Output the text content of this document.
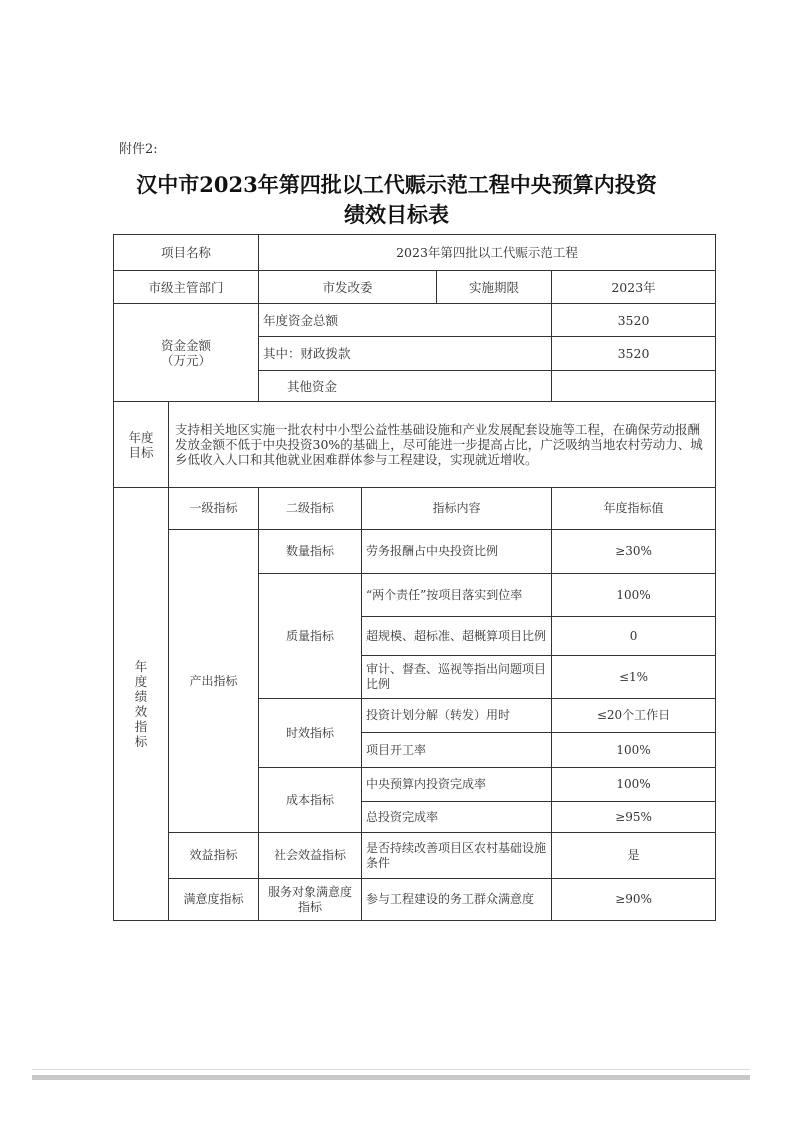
附件2:
汉中市2023年第四批以工代赈示范工程中央预算内投资
绩效目标表
项目名称		2023年第四批以工代赈示范工程			
市级主管部门		市发改委		实施期限	2023年

资金金额
（万元）		年度资金总额			3520
		其中：财政拨款			3520
		其他资金			
年度目标	支持相关地区实施一批农村中小型公益性基础设施和产业发展配套设施等工程，在确保劳动报酬发放金额不低于中央投资30%的基础上，尽可能进一步提高占比，广泛吸纳当地农村劳动力、城乡低收入人口和其他就业困难群体参与工程建设，实现就近增收。				
年度绩效指标	一级指标	二级指标	指标内容		年度指标值
	产出指标	数量指标	劳务报酬占中央投资比例		≥30%
		质量指标	“两个责任”按项目落实到位率		100%
			超规模、超标准、超概算项目比例		0
			审计、督查、巡视等指出问题项目比例		≤1%
		时效指标	投资计划分解（转发）用时		≤20个工作日
			项目开工率		100%
		成本指标	中央预算内投资完成率		100%
			总投资完成率		≥95%
	效益指标	社会效益指标	是否持续改善项目区农村基础设施条件		是
	满意度指标	服务对象满意度指标	参与工程建设的务工群众满意度		≥90%
